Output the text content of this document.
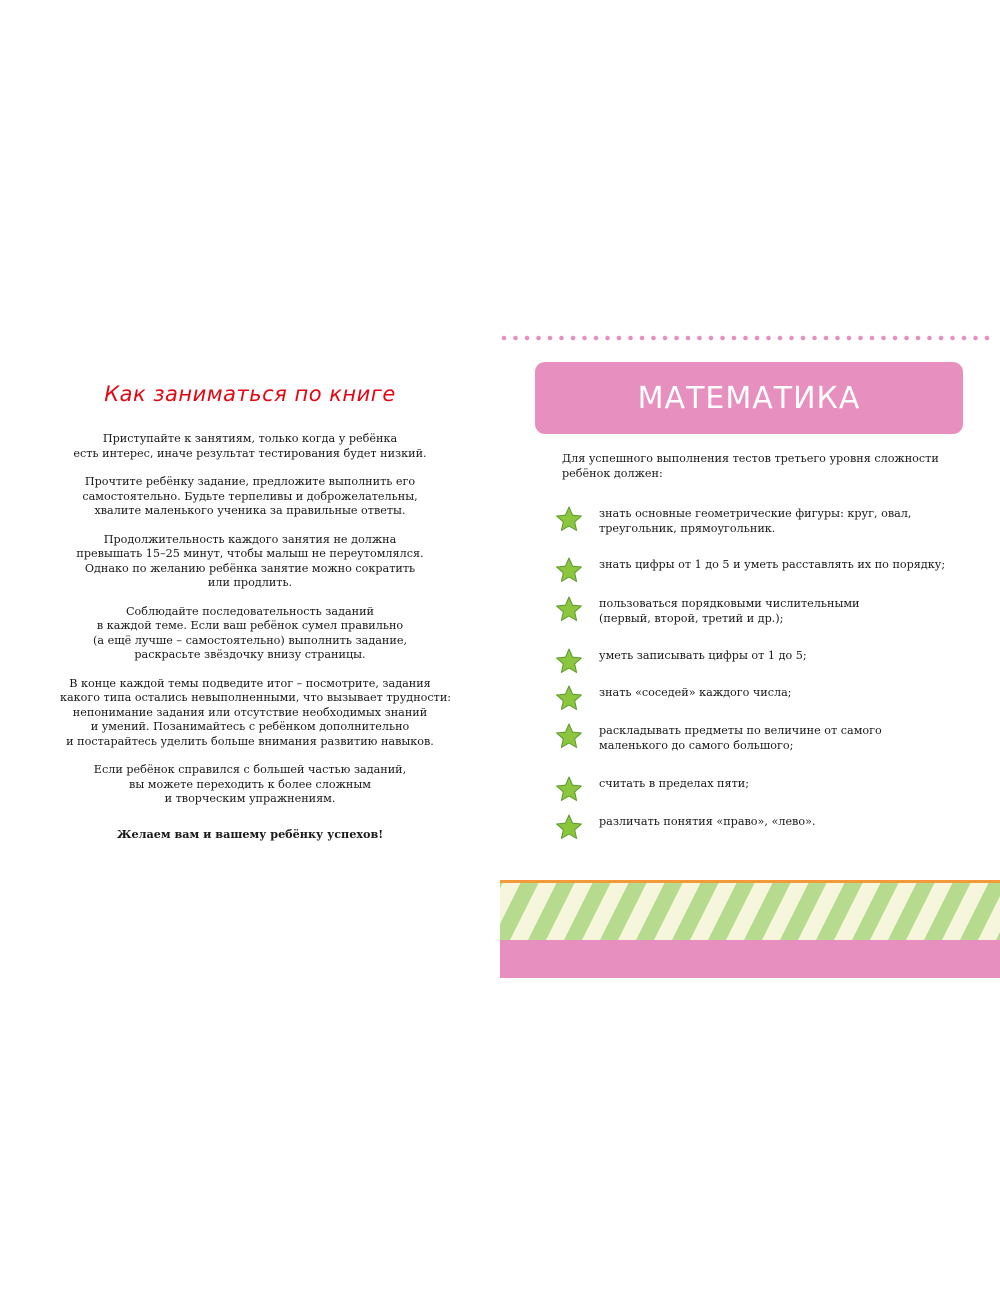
Как заниматься по книге

Приступайте к занятиям, только когда у ребёнка
есть интерес, иначе результат тестирования будет низкий.

Прочтите ребёнку задание, предложите выполнить его
самостоятельно. Будьте терпеливы и доброжелательны,
хвалите маленького ученика за правильные ответы.

Продолжительность каждого занятия не должна
превышать 15–25 минут, чтобы малыш не переутомлялся.
Однако по желанию ребёнка занятие можно сократить
или продлить.

Соблюдайте последовательность заданий
в каждой теме. Если ваш ребёнок сумел правильно
(а ещё лучше – самостоятельно) выполнить задание,
раскрасьте звёздочку внизу страницы.

В конце каждой темы подведите итог – посмотрите, задания
какого типа остались невыполненными, что вызывает трудности:
непонимание задания или отсутствие необходимых знаний
и умений. Позанимайтесь с ребёнком дополнительно
и постарайтесь уделить больше внимания развитию навыков.

Если ребёнок справился с большей частью заданий,
вы можете переходить к более сложным
и творческим упражнениям.

Желаем вам и вашему ребёнку успехов!

МАТЕМАТИКА
Для успешного выполнения тестов третьего уровня сложности
ребёнок должен:
знать основные геометрические фигуры: круг, овал,
треугольник, прямоугольник.
знать цифры от 1 до 5 и уметь расставлять их по порядку;
пользоваться порядковыми числительными
(первый, второй, третий и др.);
уметь записывать цифры от 1 до 5;
знать «соседей» каждого числа;
раскладывать предметы по величине от самого
маленького до самого большого;
считать в пределах пяти;
различать понятия «право», «лево».
